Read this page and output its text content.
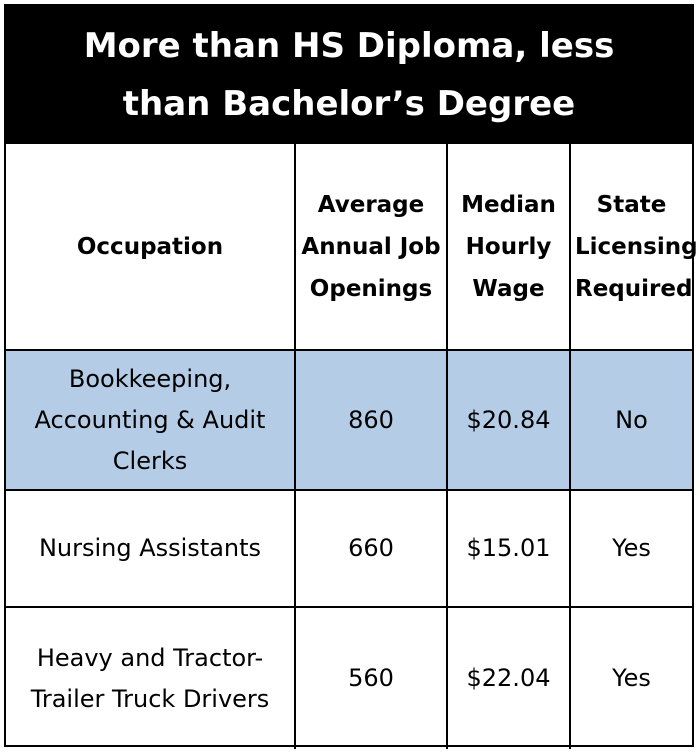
More than HS Diploma, less than Bachelor’s Degree
Occupation	Average Annual Job Openings	Median Hourly Wage	State Licensing Required
Bookkeeping, Accounting & Audit Clerks	860	$20.84	No
Nursing Assistants	660	$15.01	Yes
Heavy and Tractor-Trailer Truck Drivers	560	$22.04	Yes
